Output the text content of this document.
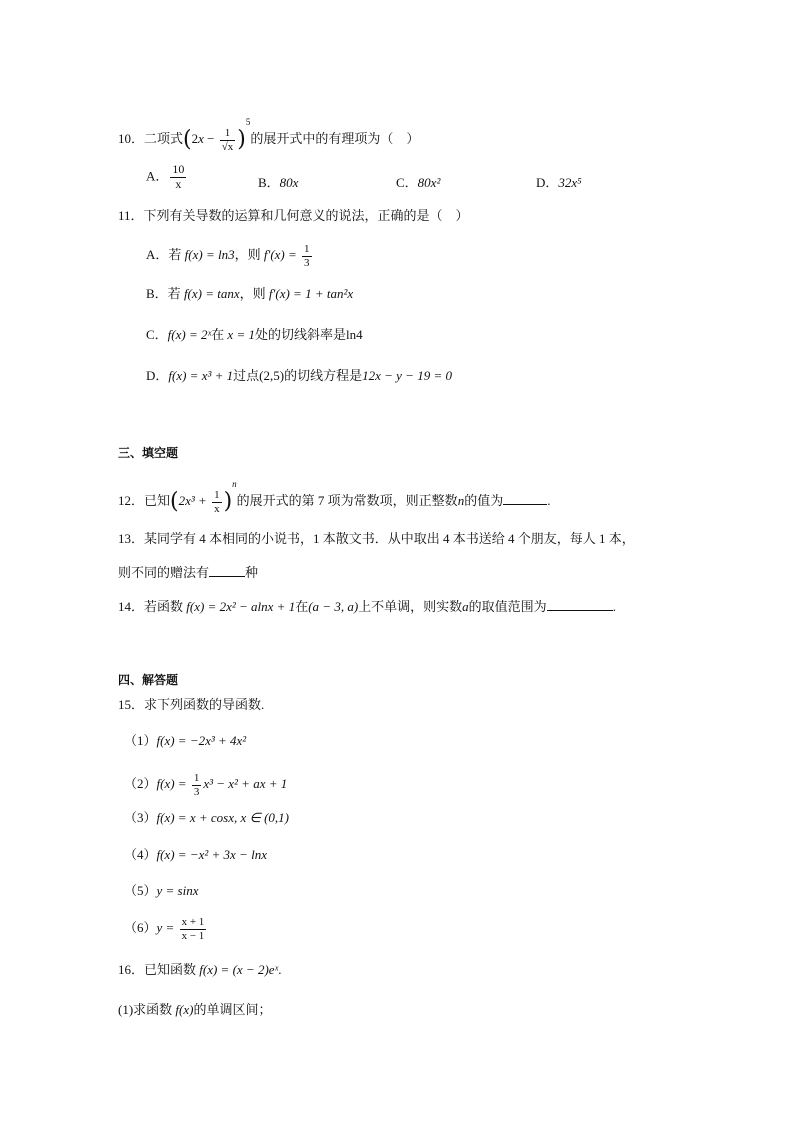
10．二项式$(2x - \frac{1}{√x} )^5$的展开式中的有理项为（　）
A． $\frac{10}{x}$	B．80x	C．80x²	D．32x⁵
11．下列有关导数的运算和几何意义的说法，正确的是（　）
A．若 f(x) = ln3，则 $f'(x) = \frac{1}{3}$
B．若 f(x) = tanx，则 f′(x) = 1 + tan²x
C．f(x) = 2ˣ在 x = 1处的切线斜率是ln4
D．f(x) = x³ + 1过点(2,5)的切线方程是12x − y − 19 = 0
三、填空题
12．已知$(2x^3 + \frac{1}{x} )^n$的展开式的第 7 项为常数项，则正整数n的值为	.
13．某同学有 4 本相同的小说书，1 本散文书．从中取出 4 本书送给 4 个朋友，每人 1 本，
则不同的赠法有	种
14．若函数 f(x) = 2x² − alnx + 1在(a − 3, a)上不单调，则实数a的取值范围为	.
四、解答题
15．求下列函数的导函数.
（1）f(x) = −2x³ + 4x²
$(2)f(x) = \frac{1}{3} x^3 - x^2$ + ax + 1
（3）f(x) = x + cosx, x ∈ (0,1)
（4）f(x) = −x² + 3x − lnx
（5）y = sinx
$(6)y = \frac{x + 1}{x - 1}$
16．已知函数 f(x) = (x − 2)eˣ.
(1)求函数 f(x)的单调区间；
